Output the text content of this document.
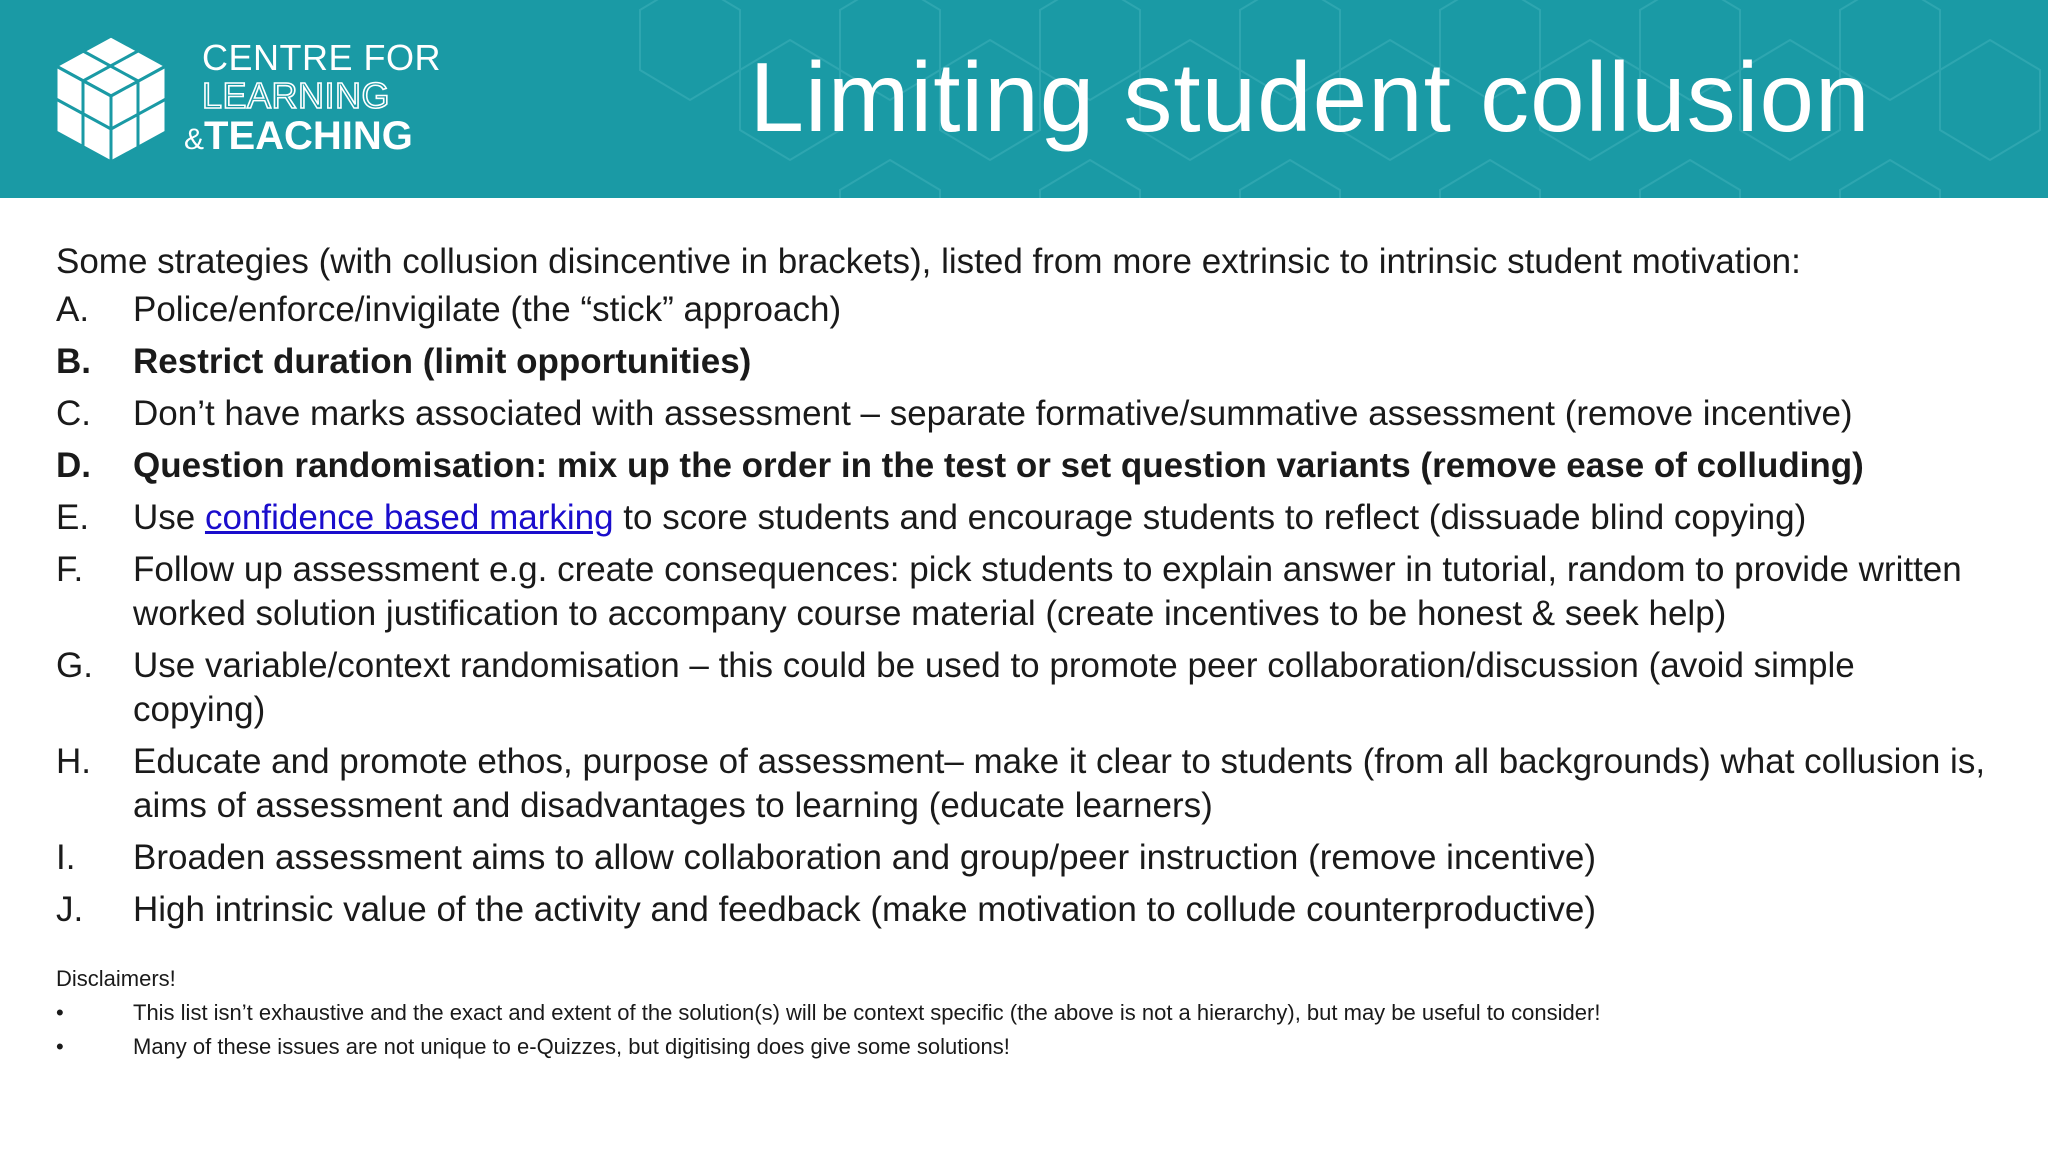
CENTRE FOR
LEARNING
&TEACHING	Limiting student collusion

Some strategies (with collusion disincentive in brackets), listed from more extrinsic to intrinsic student motivation:

A.	Police/enforce/invigilate (the “stick” approach)
B.	Restrict duration (limit opportunities)
C.	Don’t have marks associated with assessment – separate formative/summative assessment (remove incentive)
D.	Question randomisation: mix up the order in the test or set question variants (remove ease of colluding)
E.	Use confidence based marking to score students and encourage students to reflect (dissuade blind copying)
F.	Follow up assessment e.g. create consequences: pick students to explain answer in tutorial, random to provide written worked solution justification to accompany course material (create incentives to be honest & seek help)
G.	Use variable/context randomisation – this could be used to promote peer collaboration/discussion (avoid simple copying)
H.	Educate and promote ethos, purpose of assessment– make it clear to students (from all backgrounds) what collusion is, aims of assessment and disadvantages to learning (educate learners)
I.	Broaden assessment aims to allow collaboration and group/peer instruction (remove incentive)
J.	High intrinsic value of the activity and feedback (make motivation to collude counterproductive)

Disclaimers!

•	This list isn’t exhaustive and the exact and extent of the solution(s) will be context specific (the above is not a hierarchy), but may be useful to consider!
•	Many of these issues are not unique to e-Quizzes, but digitising does give some solutions!
